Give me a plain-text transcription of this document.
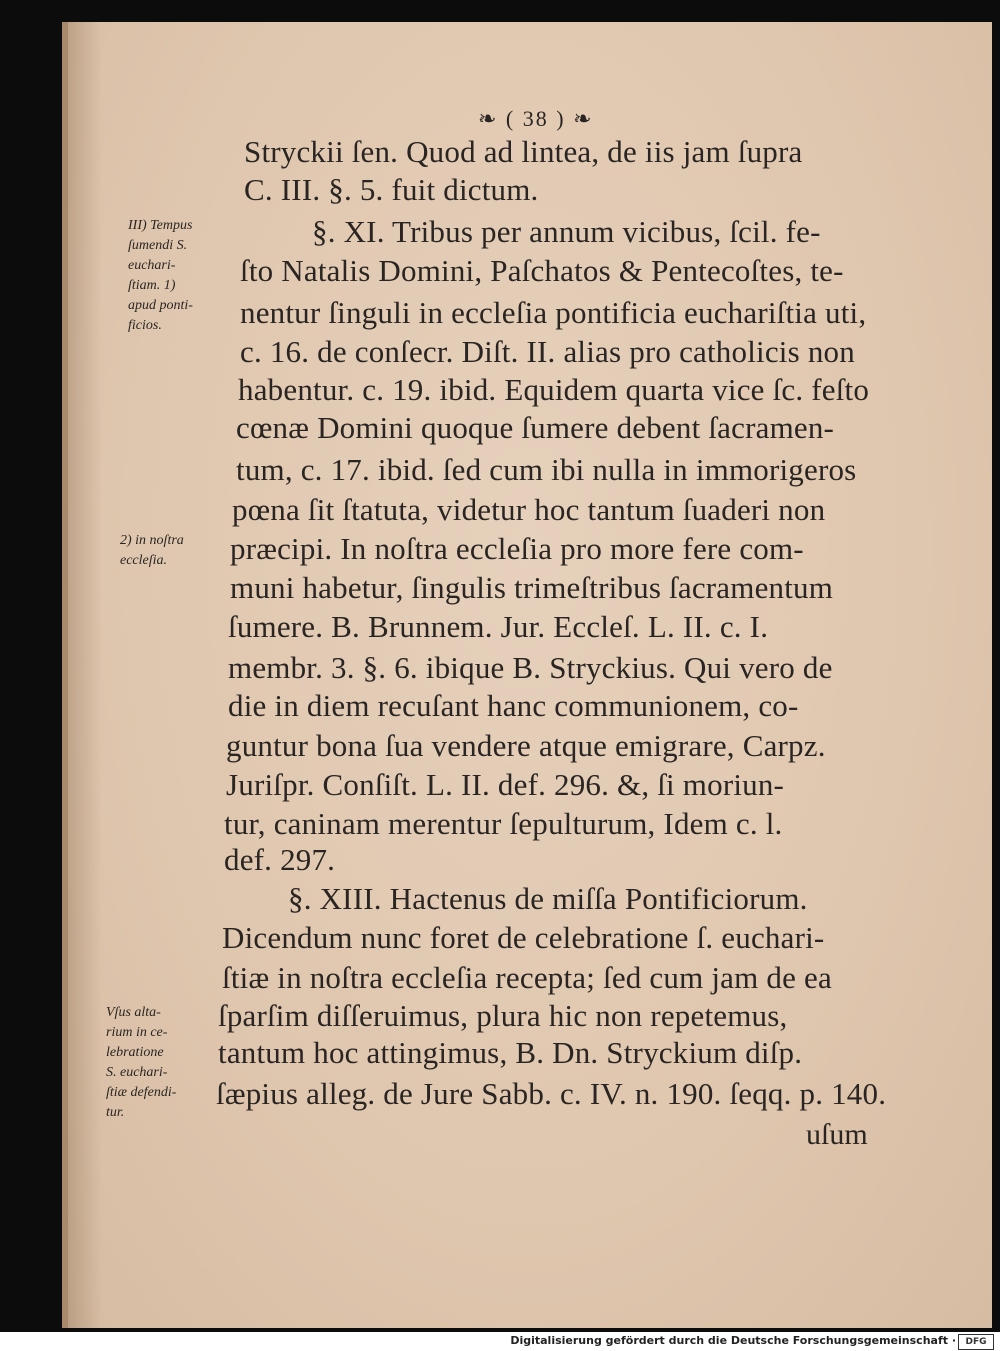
❧ ( 38 ) ❧
Stryckii ſen. Quod ad lintea, de iis jam ſupra
C. III. §. 5. fuit dictum.
§. XI. Tribus per annum vicibus, ſcil. fe-
ſto Natalis Domini, Paſchatos & Pentecoſtes, te-
nentur ſinguli in eccleſia pontificia euchariſtia uti,
c. 16. de conſecr. Diſt. II. alias pro catholicis non
habentur. c. 19. ibid. Equidem quarta vice ſc. feſto
cœnæ Domini quoque ſumere debent ſacramen-
tum, c. 17. ibid. ſed cum ibi nulla in immorigeros
pœna ſit ſtatuta, videtur hoc tantum ſuaderi non
præcipi. In noſtra eccleſia pro more fere com-
muni habetur, ſingulis trimeſtribus ſacramentum
ſumere. B. Brunnem. Jur. Eccleſ. L. II. c. I.
membr. 3. §. 6. ibique B. Stryckius. Qui vero de
die in diem recuſant hanc communionem, co-
guntur bona ſua vendere atque emigrare, Carpz.
Juriſpr. Conſiſt. L. II. def. 296. &, ſi moriun-
tur, caninam merentur ſepulturum, Idem c. l.
def. 297.
§. XIII. Hactenus de miſſa Pontificiorum.
Dicendum nunc foret de celebratione ſ. euchari-
ſtiæ in noſtra eccleſia recepta; ſed cum jam de ea
ſparſim diſſeruimus, plura hic non repetemus,
tantum hoc attingimus, B. Dn. Stryckium diſp.
ſæpius alleg. de Jure Sabb. c. IV. n. 190. ſeqq. p. 140.
uſum
III) Tempus
ſumendi S.
euchari-
ſtiam. 1)
apud ponti-
ficios.
2) in noſtra
eccleſia.
Vſus alta-
rium in ce-
lebratione
S. euchari-
ſtiæ defendi-
tur.
Digitalisierung gefördert durch die Deutsche Forschungsgemeinschaft ·	DFG
